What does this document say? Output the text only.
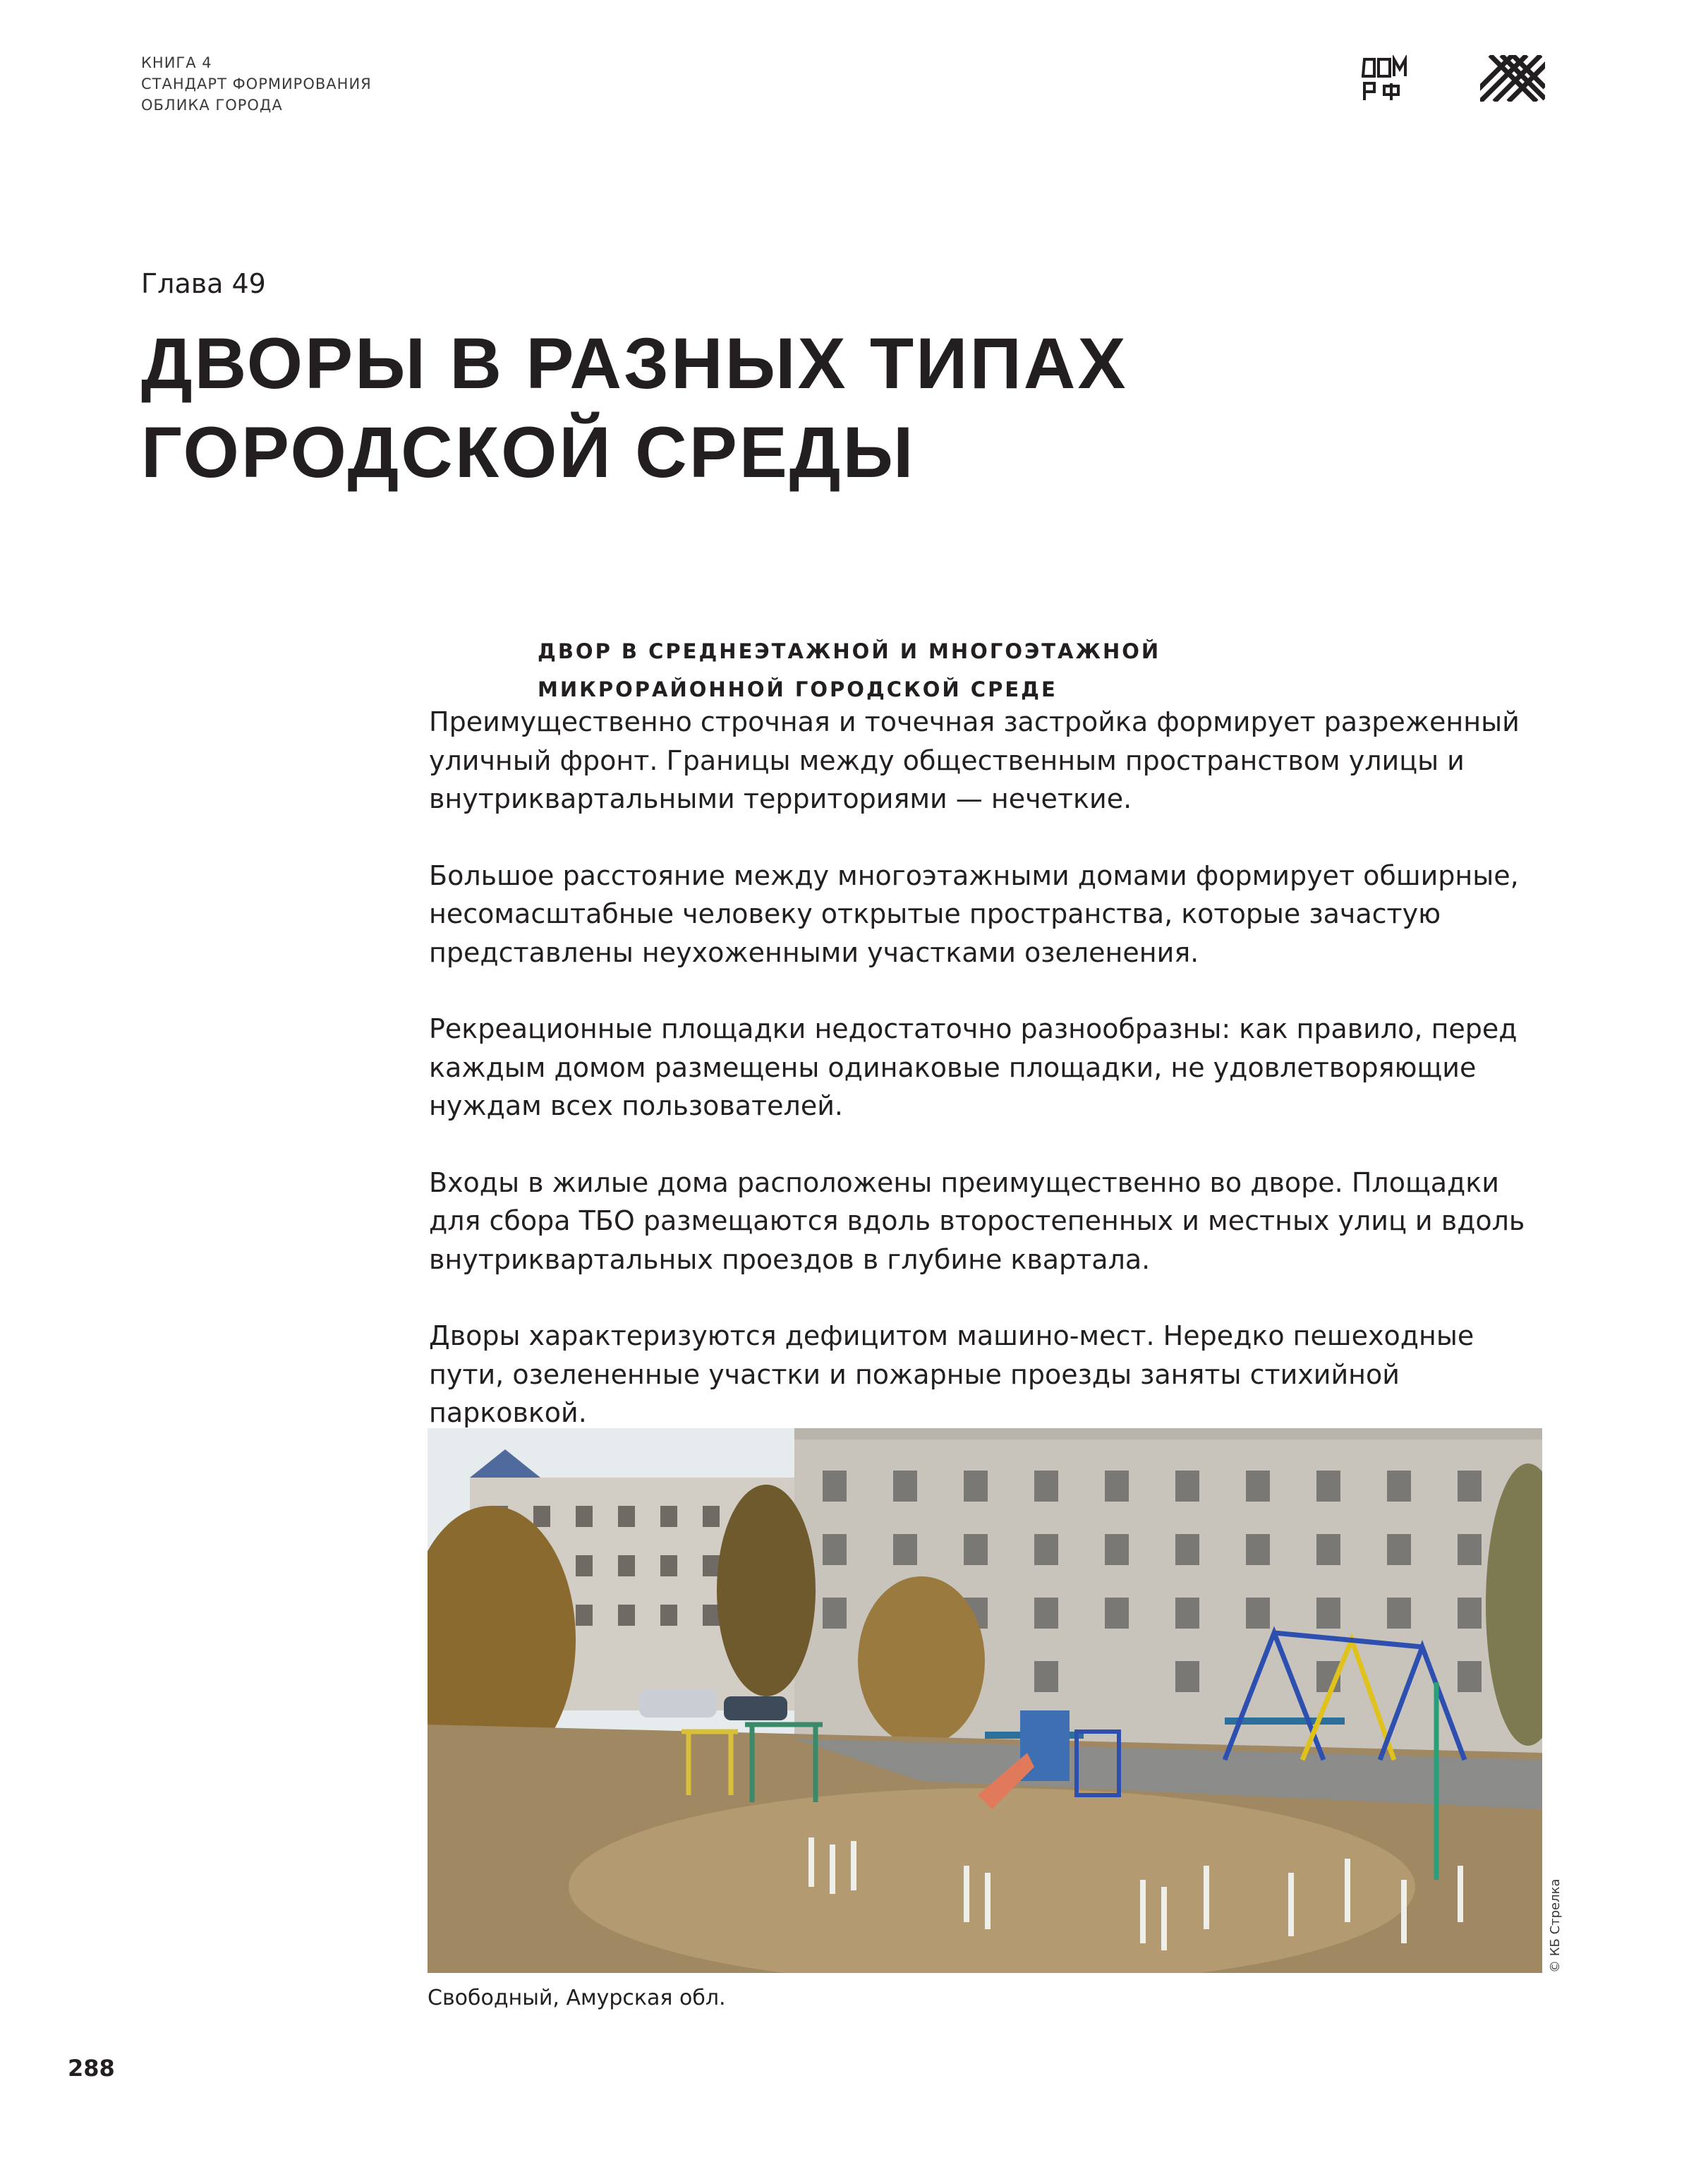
КНИГА 4
СТАНДАРТ ФОРМИРОВАНИЯ
ОБЛИКА ГОРОДА
Глава 49
ДВОРЫ В РАЗНЫХ ТИПАХ
ГОРОДСКОЙ СРЕДЫ
ДВОР В СРЕДНЕЭТАЖНОЙ И МНОГОЭТАЖНОЙ
МИКРОРАЙОННОЙ ГОРОДСКОЙ СРЕДЕ

Преимущественно строчная и точечная застройка формирует разреженный уличный фронт. Границы между общественным пространством улицы и внутриквартальными территориями — нечеткие.

Большое расстояние между многоэтажными домами формирует обширные, несомасштабные человеку открытые пространства, которые зачастую представлены неухоженными участками озеленения.

Рекреационные площадки недостаточно разнообразны: как правило, перед каждым домом размещены одинаковые площадки, не удовлетворяющие нуждам всех пользователей.

Входы в жилые дома расположены преимущественно во дворе. Площадки для сбора ТБО размещаются вдоль второстепенных и местных улиц и вдоль внутриквартальных проездов в глубине квартала.

Дворы характеризуются дефицитом машино-мест. Нередко пешеходные пути, озелененные участки и пожарные проезды заняты стихийной парковкой.

© КБ Стрелка
Свободный, Амурская обл.
288
